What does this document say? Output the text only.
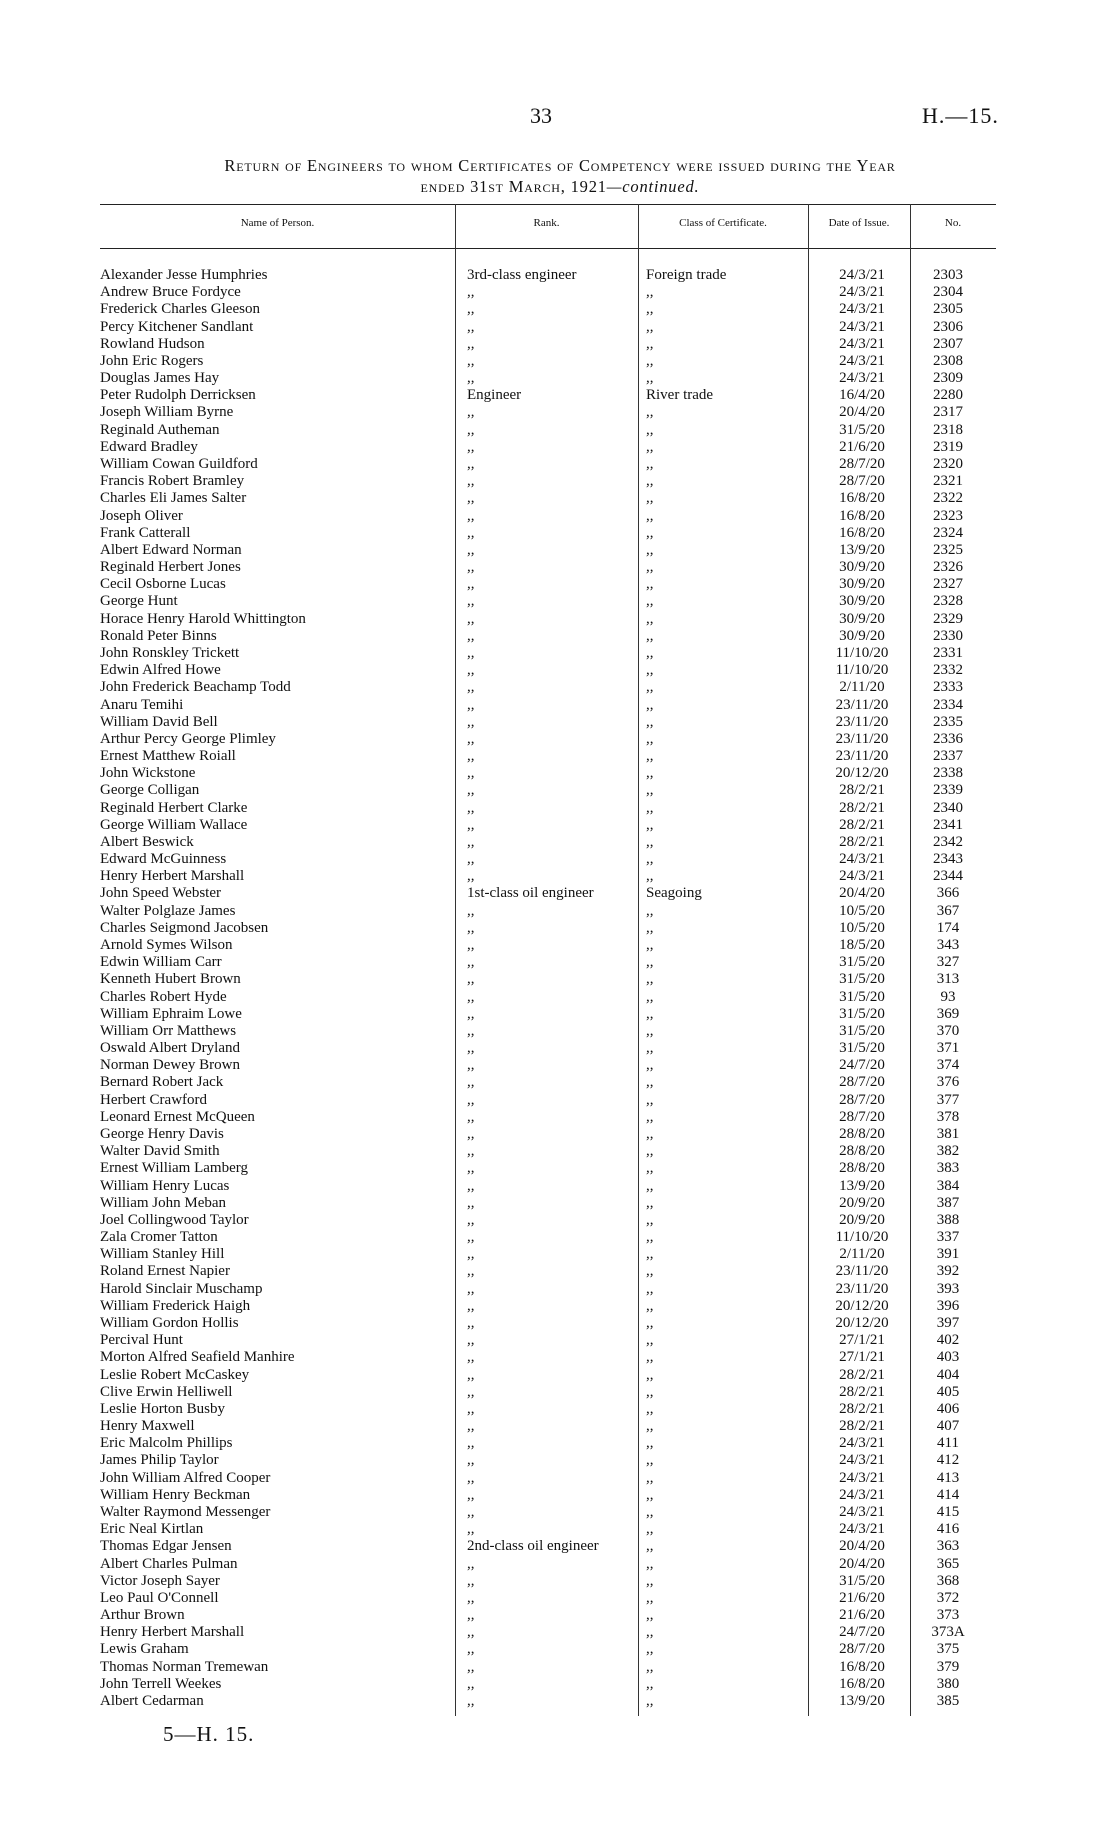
33	H.—15.
Return of Engineers to whom Certificates of Competency were issued during the Year
ended 31st March, 1921—continued.
Name of Person.	Rank.	Class of Certificate.	Date of Issue.	No.
Alexander Jesse Humphries	3rd-class engineer	Foreign trade	24/3/21	2303
Andrew Bruce Fordyce	,,	,,	24/3/21	2304
Frederick Charles Gleeson	,,	,,	24/3/21	2305
Percy Kitchener Sandlant	,,	,,	24/3/21	2306
Rowland Hudson	,,	,,	24/3/21	2307
John Eric Rogers	,,	,,	24/3/21	2308
Douglas James Hay	,,	,,	24/3/21	2309
Peter Rudolph Derricksen	Engineer	River trade	16/4/20	2280
Joseph William Byrne	,,	,,	20/4/20	2317
Reginald Autheman	,,	,,	31/5/20	2318
Edward Bradley	,,	,,	21/6/20	2319
William Cowan Guildford	,,	,,	28/7/20	2320
Francis Robert Bramley	,,	,,	28/7/20	2321
Charles Eli James Salter	,,	,,	16/8/20	2322
Joseph Oliver	,,	,,	16/8/20	2323
Frank Catterall	,,	,,	16/8/20	2324
Albert Edward Norman	,,	,,	13/9/20	2325
Reginald Herbert Jones	,,	,,	30/9/20	2326
Cecil Osborne Lucas	,,	,,	30/9/20	2327
George Hunt	,,	,,	30/9/20	2328
Horace Henry Harold Whittington	,,	,,	30/9/20	2329
Ronald Peter Binns	,,	,,	30/9/20	2330
John Ronskley Trickett	,,	,,	11/10/20	2331
Edwin Alfred Howe	,,	,,	11/10/20	2332
John Frederick Beachamp Todd	,,	,,	2/11/20	2333
Anaru Temihi	,,	,,	23/11/20	2334
William David Bell	,,	,,	23/11/20	2335
Arthur Percy George Plimley	,,	,,	23/11/20	2336
Ernest Matthew Roiall	,,	,,	23/11/20	2337
John Wickstone	,,	,,	20/12/20	2338
George Colligan	,,	,,	28/2/21	2339
Reginald Herbert Clarke	,,	,,	28/2/21	2340
George William Wallace	,,	,,	28/2/21	2341
Albert Beswick	,,	,,	28/2/21	2342
Edward McGuinness	,,	,,	24/3/21	2343
Henry Herbert Marshall	,,	,,	24/3/21	2344
John Speed Webster	1st-class oil engineer	Seagoing	20/4/20	366
Walter Polglaze James	,,	,,	10/5/20	367
Charles Seigmond Jacobsen	,,	,,	10/5/20	174
Arnold Symes Wilson	,,	,,	18/5/20	343
Edwin William Carr	,,	,,	31/5/20	327
Kenneth Hubert Brown	,,	,,	31/5/20	313
Charles Robert Hyde	,,	,,	31/5/20	93
William Ephraim Lowe	,,	,,	31/5/20	369
William Orr Matthews	,,	,,	31/5/20	370
Oswald Albert Dryland	,,	,,	31/5/20	371
Norman Dewey Brown	,,	,,	24/7/20	374
Bernard Robert Jack	,,	,,	28/7/20	376
Herbert Crawford	,,	,,	28/7/20	377
Leonard Ernest McQueen	,,	,,	28/7/20	378
George Henry Davis	,,	,,	28/8/20	381
Walter David Smith	,,	,,	28/8/20	382
Ernest William Lamberg	,,	,,	28/8/20	383
William Henry Lucas	,,	,,	13/9/20	384
William John Meban	,,	,,	20/9/20	387
Joel Collingwood Taylor	,,	,,	20/9/20	388
Zala Cromer Tatton	,,	,,	11/10/20	337
William Stanley Hill	,,	,,	2/11/20	391
Roland Ernest Napier	,,	,,	23/11/20	392
Harold Sinclair Muschamp	,,	,,	23/11/20	393
William Frederick Haigh	,,	,,	20/12/20	396
William Gordon Hollis	,,	,,	20/12/20	397
Percival Hunt	,,	,,	27/1/21	402
Morton Alfred Seafield Manhire	,,	,,	27/1/21	403
Leslie Robert McCaskey	,,	,,	28/2/21	404
Clive Erwin Helliwell	,,	,,	28/2/21	405
Leslie Horton Busby	,,	,,	28/2/21	406
Henry Maxwell	,,	,,	28/2/21	407
Eric Malcolm Phillips	,,	,,	24/3/21	411
James Philip Taylor	,,	,,	24/3/21	412
John William Alfred Cooper	,,	,,	24/3/21	413
William Henry Beckman	,,	,,	24/3/21	414
Walter Raymond Messenger	,,	,,	24/3/21	415
Eric Neal Kirtlan	,,	,,	24/3/21	416
Thomas Edgar Jensen	2nd-class oil engineer	,,	20/4/20	363
Albert Charles Pulman	,,	,,	20/4/20	365
Victor Joseph Sayer	,,	,,	31/5/20	368
Leo Paul O'Connell	,,	,,	21/6/20	372
Arthur Brown	,,	,,	21/6/20	373
Henry Herbert Marshall	,,	,,	24/7/20	373A
Lewis Graham	,,	,,	28/7/20	375
Thomas Norman Tremewan	,,	,,	16/8/20	379
John Terrell Weekes	,,	,,	16/8/20	380
Albert Cedarman	,,	,,	13/9/20	385
5—H. 15.
